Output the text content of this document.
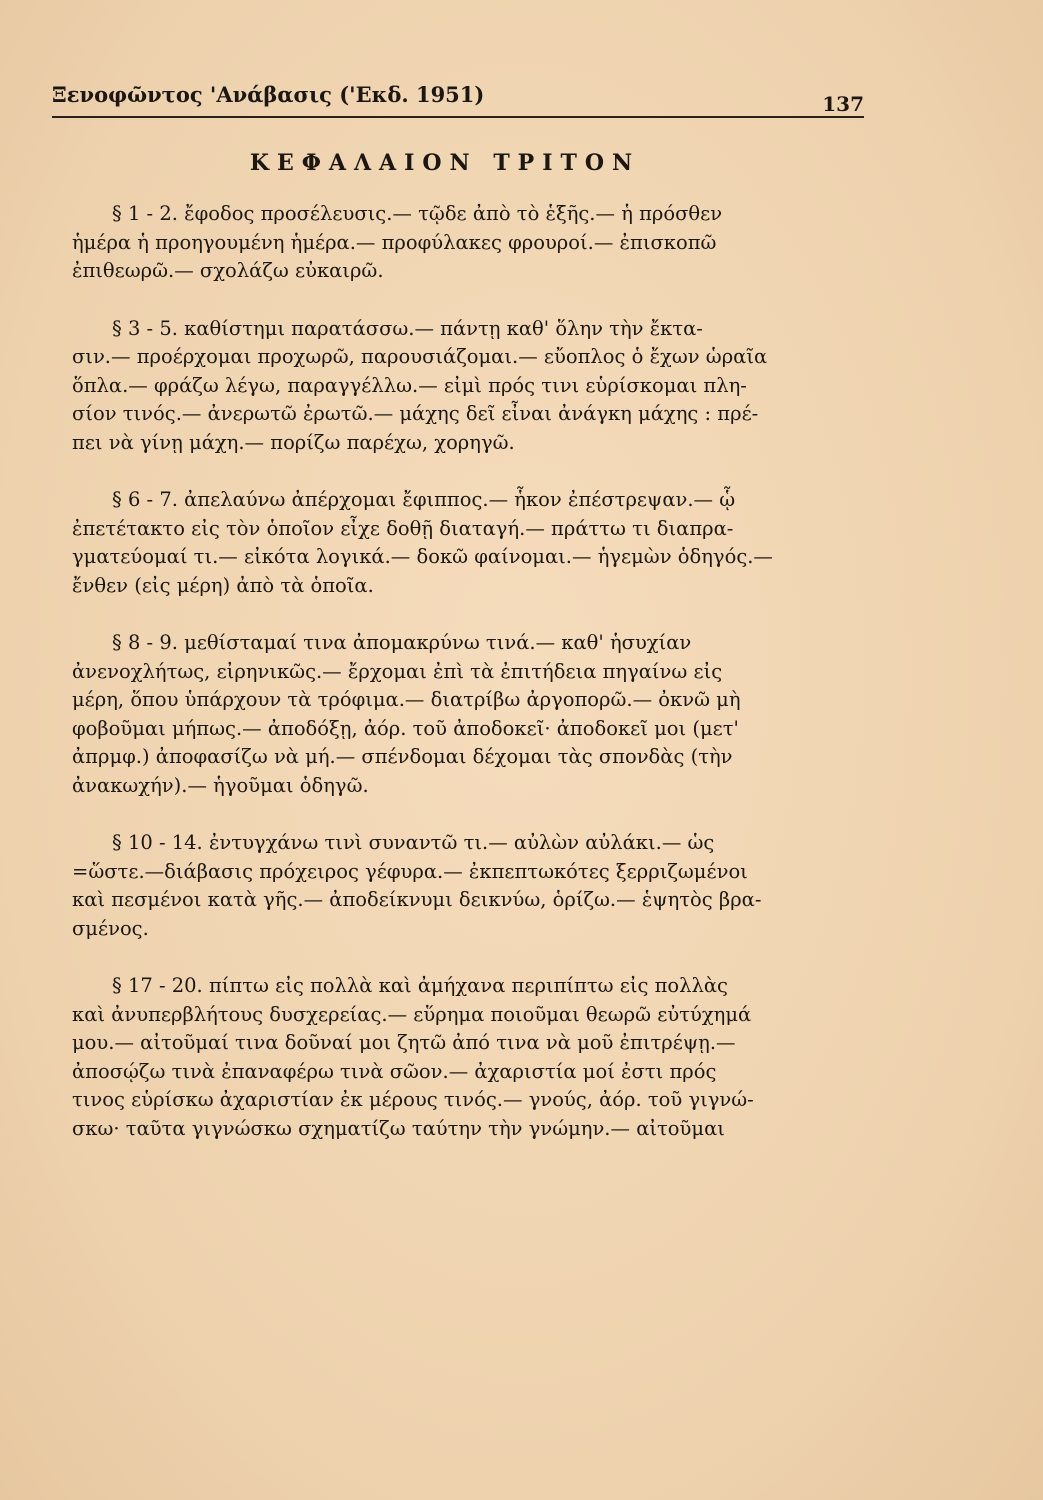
Ξενοφῶντος 'Ανάβασις ('Εκδ. 1951)	137
ΚΕΦΑΛΑΙΟΝ ΤΡΙΤΟΝ
§ 1 - 2. ἔφοδος προσέλευσις.— τῷδε ἀπὸ τὸ ἑξῆς.— ἡ πρόσθεν
ἡμέρα ἡ προηγουμένη ἡμέρα.— προφύλακες φρουροί.— ἐπισκοπῶ
ἐπιθεωρῶ.— σχολάζω εὐκαιρῶ.
§ 3 - 5. καθίστημι παρατάσσω.— πάντῃ καθ' ὅλην τὴν ἔκτα-
σιν.— προέρχομαι προχωρῶ, παρουσιάζομαι.— εὔοπλος ὁ ἔχων ὡραῖα
ὅπλα.— φράζω λέγω, παραγγέλλω.— εἰμὶ πρός τινι εὑρίσκομαι πλη-
σίον τινός.— ἀνερωτῶ ἐρωτῶ.— μάχης δεῖ εἶναι ἀνάγκη μάχης : πρέ-
πει νὰ γίνῃ μάχη.— πορίζω παρέχω, χορηγῶ.
§ 6 - 7. ἀπελαύνω ἀπέρχομαι ἔφιππος.— ἧκον ἐπέστρεψαν.— ᾧ
ἐπετέτακτο εἰς τὸν ὁποῖον εἶχε δοθῇ διαταγή.— πράττω τι διαπρα-
γματεύομαί τι.— εἰκότα λογικά.— δοκῶ φαίνομαι.— ἡγεμὼν ὁδηγός.—
ἔνθεν (εἰς μέρη) ἀπὸ τὰ ὁποῖα.
§ 8 - 9. μεθίσταμαί τινα ἀπομακρύνω τινά.— καθ' ἡσυχίαν
ἀνενοχλήτως, εἰρηνικῶς.— ἔρχομαι ἐπὶ τὰ ἐπιτήδεια πηγαίνω εἰς
μέρη, ὅπου ὑπάρχουν τὰ τρόφιμα.— διατρίβω ἀργοπορῶ.— ὀκνῶ μὴ
φοβοῦμαι μήπως.— ἀποδόξῃ, ἀόρ. τοῦ ἀποδοκεῖ· ἀποδοκεῖ μοι (μετ'
ἀπρμφ.) ἀποφασίζω νὰ μή.— σπένδομαι δέχομαι τὰς σπονδὰς (τὴν
ἀνακωχήν).— ἡγοῦμαι ὁδηγῶ.
§ 10 - 14. ἐντυγχάνω τινὶ συναντῶ τι.— αὐλὼν αὐλάκι.— ὡς
=ὥστε.—διάβασις πρόχειρος γέφυρα.— ἐκπεπτωκότες ξερριζωμένοι
καὶ πεσμένοι κατὰ γῆς.— ἀποδείκνυμι δεικνύω, ὁρίζω.— ἑψητὸς βρα-
σμένος.
§ 17 - 20. πίπτω εἰς πολλὰ καὶ ἀμήχανα περιπίπτω εἰς πολλὰς
καὶ ἀνυπερβλήτους δυσχερείας.— εὕρημα ποιοῦμαι θεωρῶ εὐτύχημά
μου.— αἰτοῦμαί τινα δοῦναί μοι ζητῶ ἀπό τινα νὰ μοῦ ἐπιτρέψῃ.—
ἀποσῴζω τινὰ ἐπαναφέρω τινὰ σῶον.— ἀχαριστία μοί ἐστι πρός
τινος εὑρίσκω ἀχαριστίαν ἐκ μέρους τινός.— γνούς, ἀόρ. τοῦ γιγνώ-
σκω· ταῦτα γιγνώσκω σχηματίζω ταύτην τὴν γνώμην.— αἰτοῦμαι
